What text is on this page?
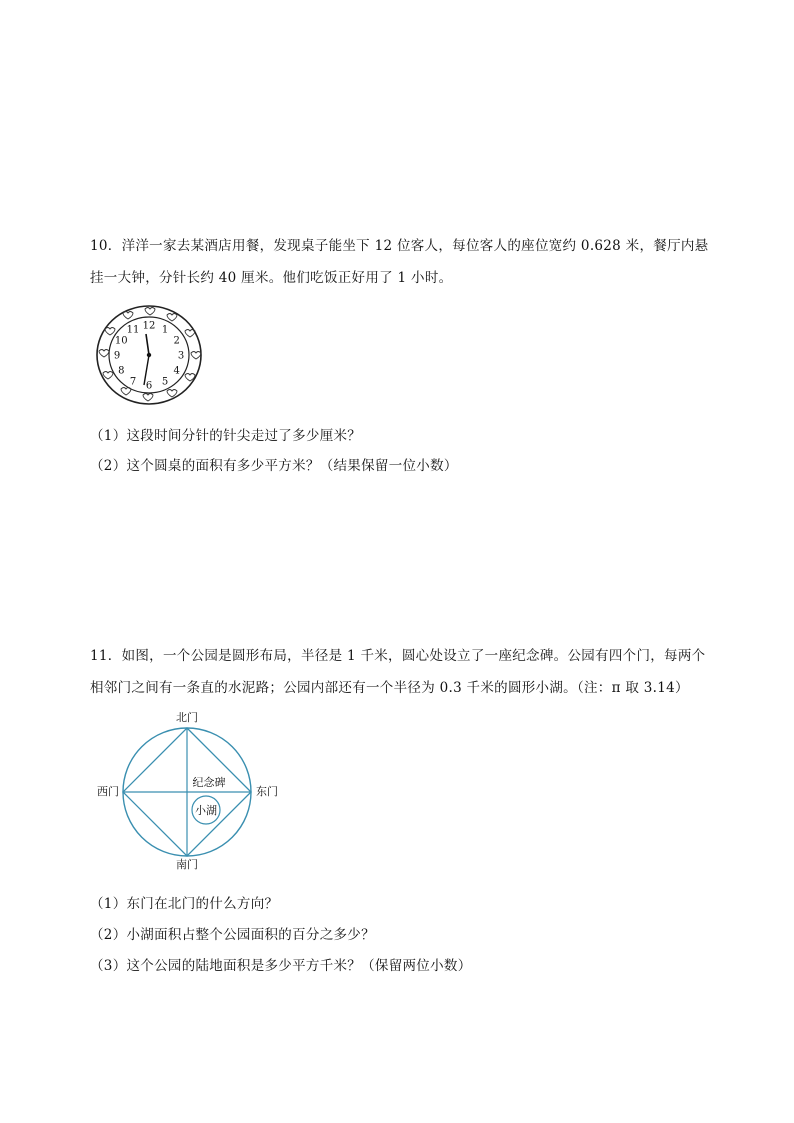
10．洋洋一家去某酒店用餐，发现桌子能坐下 12 位客人，每位客人的座位宽约 0.628 米，餐厅内悬
挂一大钟，分针长约 40 厘米。他们吃饭正好用了 1 小时。
12 1
2
3
4
5
6
7
8
9
10
11
（1）这段时间分针的针尖走过了多少厘米？
（2）这个圆桌的面积有多少平方米？（结果保留一位小数）
11．如图，一个公园是圆形布局，半径是 1 千米，圆心处设立了一座纪念碑。公园有四个门，每两个
相邻门之间有一条直的水泥路；公园内部还有一个半径为 0.3 千米的圆形小湖。（注：π 取 3.14）
北门
南门
西门	东门
纪念碑
小湖
（1）东门在北门的什么方向？
（2）小湖面积占整个公园面积的百分之多少？
（3）这个公园的陆地面积是多少平方千米？（保留两位小数）
